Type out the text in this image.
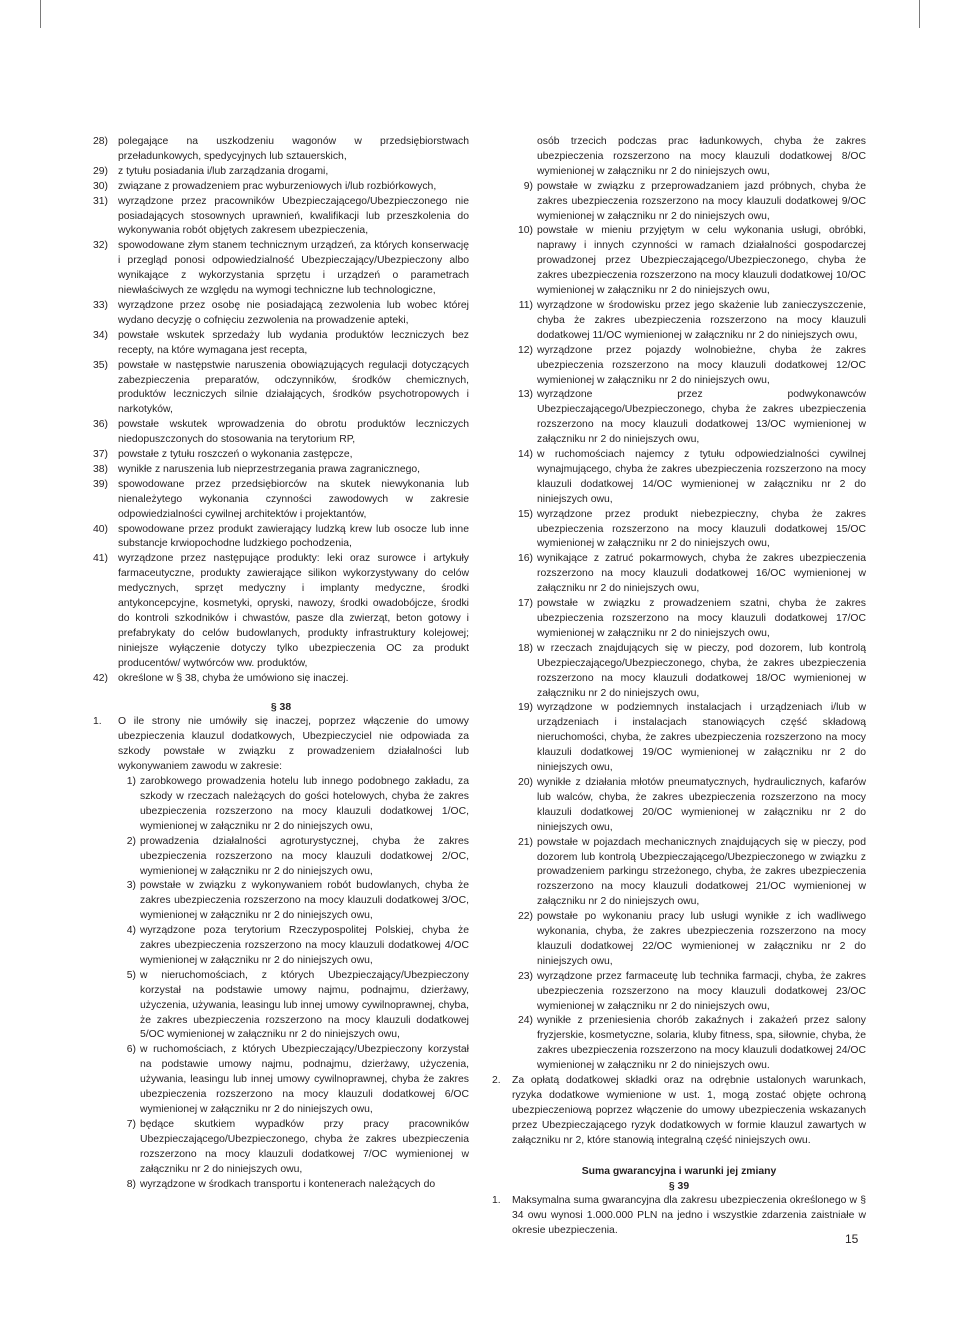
28) polegające na uszkodzeniu wagonów w przedsiębiorstwach przeładunkowych, spedycyjnych lub sztauerskich,
29) z tytułu posiadania i/lub zarządzania drogami,
30) związane z prowadzeniem prac wyburzeniowych i/lub rozbiórkowych,
31) wyrządzone przez pracowników Ubezpieczającego/Ubezpieczonego nie posiadających stosownych uprawnień, kwalifikacji lub przeszkolenia do wykonywania robót objętych zakresem ubezpieczenia,
32) spowodowane złym stanem technicznym urządzeń, za których konserwację i przegląd ponosi odpowiedzialność Ubezpieczający/Ubezpieczony albo wynikające z wykorzystania sprzętu i urządzeń o parametrach niewłaściwych ze względu na wymogi techniczne lub technologiczne,
33) wyrządzone przez osobę nie posiadającą zezwolenia lub wobec której wydano decyzję o cofnięciu zezwolenia na prowadzenie apteki,
34) powstałe wskutek sprzedaży lub wydania produktów leczniczych bez recepty, na które wymagana jest recepta,
35) powstałe w następstwie naruszenia obowiązujących regulacji dotyczących zabezpieczenia preparatów, odczynników, środków chemicznych, produktów leczniczych silnie działających, środków psychotropowych i narkotyków,
36) powstałe wskutek wprowadzenia do obrotu produktów leczniczych niedopuszczonych do stosowania na terytorium RP,
37) powstałe z tytułu roszczeń o wykonania zastępcze,
38) wynikłe z naruszenia lub nieprzestrzegania prawa zagranicznego,
39) spowodowane przez przedsiębiorców na skutek niewykonania lub nienależytego wykonania czynności zawodowych w zakresie odpowiedzialności cywilnej architektów i projektantów,
40) spowodowane przez produkt zawierający ludzką krew lub osocze lub inne substancje krwiopochodne ludzkiego pochodzenia,
41) wyrządzone przez następujące produkty: leki oraz surowce i artykuły farmaceutyczne, produkty zawierające silikon wykorzystywany do celów medycznych, sprzęt medyczny i implanty medyczne, środki antykoncepcyjne, kosmetyki, opryski, nawozy, środki owadobójcze, środki do kontroli szkodników i chwastów, pasze dla zwierząt, beton gotowy i prefabrykaty do celów budowlanych, produkty infrastruktury kolejowej; niniejsze wyłączenie dotyczy tylko ubezpieczenia OC za produkt producentów/ wytwórców ww. produktów,
42) określone w § 38, chyba że umówiono się inaczej.
§ 38
1.	O ile strony nie umówiły się inaczej, poprzez włączenie do umowy ubezpieczenia klauzul dodatkowych, Ubezpieczyciel nie odpowiada za szkody powstałe w związku z prowadzeniem działalności lub wykonywaniem zawodu w zakresie:
1) zarobkowego prowadzenia hotelu lub innego podobnego zakładu, za szkody w rzeczach należących do gości hotelowych, chyba że zakres ubezpieczenia rozszerzono na mocy klauzuli dodatkowej 1/OC, wymienionej w załączniku nr 2 do niniejszych owu,
2) prowadzenia działalności agroturystycznej, chyba że zakres ubezpieczenia rozszerzono na mocy klauzuli dodatkowej 2/OC, wymienionej w załączniku nr 2 do niniejszych owu,
3) powstałe w związku z wykonywaniem robót budowlanych, chyba że zakres ubezpieczenia rozszerzono na mocy klauzuli dodatkowej 3/OC, wymienionej w załączniku nr 2 do niniejszych owu,
4) wyrządzone poza terytorium Rzeczypospolitej Polskiej, chyba że zakres ubezpieczenia rozszerzono na mocy klauzuli dodatkowej 4/OC wymienionej w załączniku nr 2 do niniejszych owu,
5) w nieruchomościach, z których Ubezpieczający/Ubezpieczony korzystał na podstawie umowy najmu, podnajmu, dzierżawy, użyczenia, używania, leasingu lub innej umowy cywilnoprawnej, chyba, że zakres ubezpieczenia rozszerzono na mocy klauzuli dodatkowej 5/OC wymienionej w załączniku nr 2 do niniejszych owu,
6) w ruchomościach, z których Ubezpieczający/Ubezpieczony korzystał na podstawie umowy najmu, podnajmu, dzierżawy, użyczenia, używania, leasingu lub innej umowy cywilnoprawnej, chyba że zakres ubezpieczenia rozszerzono na mocy klauzuli dodatkowej 6/OC wymienionej w załączniku nr 2 do niniejszych owu,
7) będące skutkiem wypadków przy pracy pracowników Ubezpieczającego/Ubezpieczonego, chyba że zakres ubezpieczenia rozszerzono na mocy klauzuli dodatkowej 7/OC wymienionej w załączniku nr 2 do niniejszych owu,
8) wyrządzone w środkach transportu i kontenerach należących do
osób trzecich podczas prac ładunkowych, chyba że zakres ubezpieczenia rozszerzono na mocy klauzuli dodatkowej 8/OC wymienionej w załączniku nr 2 do niniejszych owu,
9) powstałe w związku z przeprowadzaniem jazd próbnych, chyba że zakres ubezpieczenia rozszerzono na mocy klauzuli dodatkowej 9/OC wymienionej w załączniku nr 2 do niniejszych owu,
10) powstałe w mieniu przyjętym w celu wykonania usługi, obróbki, naprawy i innych czynności w ramach działalności gospodarczej prowadzonej przez Ubezpieczającego/Ubezpieczonego, chyba że zakres ubezpieczenia rozszerzono na mocy klauzuli dodatkowej 10/OC wymienionej w załączniku nr 2 do niniejszych owu,
11) wyrządzone w środowisku przez jego skażenie lub zanieczyszczenie, chyba że zakres ubezpieczenia rozszerzono na mocy klauzuli dodatkowej 11/OC wymienionej w załączniku nr 2 do niniejszych owu,
12) wyrządzone przez pojazdy wolnobieżne, chyba że zakres ubezpieczenia rozszerzono na mocy klauzuli dodatkowej 12/OC wymienionej w załączniku nr 2 do niniejszych owu,
13) wyrządzone przez podwykonawców Ubezpieczającego/Ubezpieczonego, chyba że zakres ubezpieczenia rozszerzono na mocy klauzuli dodatkowej 13/OC wymienionej w załączniku nr 2 do niniejszych owu,
14) w ruchomościach najemcy z tytułu odpowiedzialności cywilnej wynajmującego, chyba że zakres ubezpieczenia rozszerzono na mocy klauzuli dodatkowej 14/OC wymienionej w załączniku nr 2 do niniejszych owu,
15) wyrządzone przez produkt niebezpieczny, chyba że zakres ubezpieczenia rozszerzono na mocy klauzuli dodatkowej 15/OC wymienionej w załączniku nr 2 do niniejszych owu,
16) wynikające z zatruć pokarmowych, chyba że zakres ubezpieczenia rozszerzono na mocy klauzuli dodatkowej 16/OC wymienionej w załączniku nr 2 do niniejszych owu,
17) powstałe w związku z prowadzeniem szatni, chyba że zakres ubezpieczenia rozszerzono na mocy klauzuli dodatkowej 17/OC wymienionej w załączniku nr 2 do niniejszych owu,
18) w rzeczach znajdujących się w pieczy, pod dozorem, lub kontrolą Ubezpieczającego/Ubezpieczonego, chyba, że zakres ubezpieczenia rozszerzono na mocy klauzuli dodatkowej 18/OC wymienionej w załączniku nr 2 do niniejszych owu,
19) wyrządzone w podziemnych instalacjach i urządzeniach i/lub w urządzeniach i instalacjach stanowiących część składową nieruchomości, chyba, że zakres ubezpieczenia rozszerzono na mocy klauzuli dodatkowej 19/OC wymienionej w załączniku nr 2 do niniejszych owu,
20) wynikłe z działania młotów pneumatycznych, hydraulicznych, kafarów lub walców, chyba, że zakres ubezpieczenia rozszerzono na mocy klauzuli dodatkowej 20/OC wymienionej w załączniku nr 2 do niniejszych owu,
21) powstałe w pojazdach mechanicznych znajdujących się w pieczy, pod dozorem lub kontrolą Ubezpieczającego/Ubezpieczonego w związku z prowadzeniem parkingu strzeżonego, chyba, że zakres ubezpieczenia rozszerzono na mocy klauzuli dodatkowej 21/OC wymienionej w załączniku nr 2 do niniejszych owu,
22) powstałe po wykonaniu pracy lub usługi wynikłe z ich wadliwego wykonania, chyba, że zakres ubezpieczenia rozszerzono na mocy klauzuli dodatkowej 22/OC wymienionej w załączniku nr 2 do niniejszych owu,
23) wyrządzone przez farmaceutę lub technika farmacji, chyba, że zakres ubezpieczenia rozszerzono na mocy klauzuli dodatkowej 23/OC wymienionej w załączniku nr 2 do niniejszych owu,
24) wynikłe z przeniesienia chorób zakaźnych i zakażeń przez salony fryzjerskie, kosmetyczne, solaria, kluby fitness, spa, siłownie, chyba, że zakres ubezpieczenia rozszerzono na mocy klauzuli dodatkowej 24/OC wymienionej w załączniku nr 2 do niniejszych owu.
2.	Za opłatą dodatkowej składki oraz na odrębnie ustalonych warunkach, ryzyka dodatkowe wymienione w ust. 1, mogą zostać objęte ochroną ubezpieczeniową poprzez włączenie do umowy ubezpieczenia wskazanych przez Ubezpieczającego ryzyk dodatkowych w formie klauzul zawartych w załączniku nr 2, które stanowią integralną część niniejszych owu.
Suma gwarancyjna i warunki jej zmiany
§ 39
1.	Maksymalna suma gwarancyjna dla zakresu ubezpieczenia określonego w § 34 owu wynosi 1.000.000 PLN na jedno i wszystkie zdarzenia zaistniałe w okresie ubezpieczenia.
15
